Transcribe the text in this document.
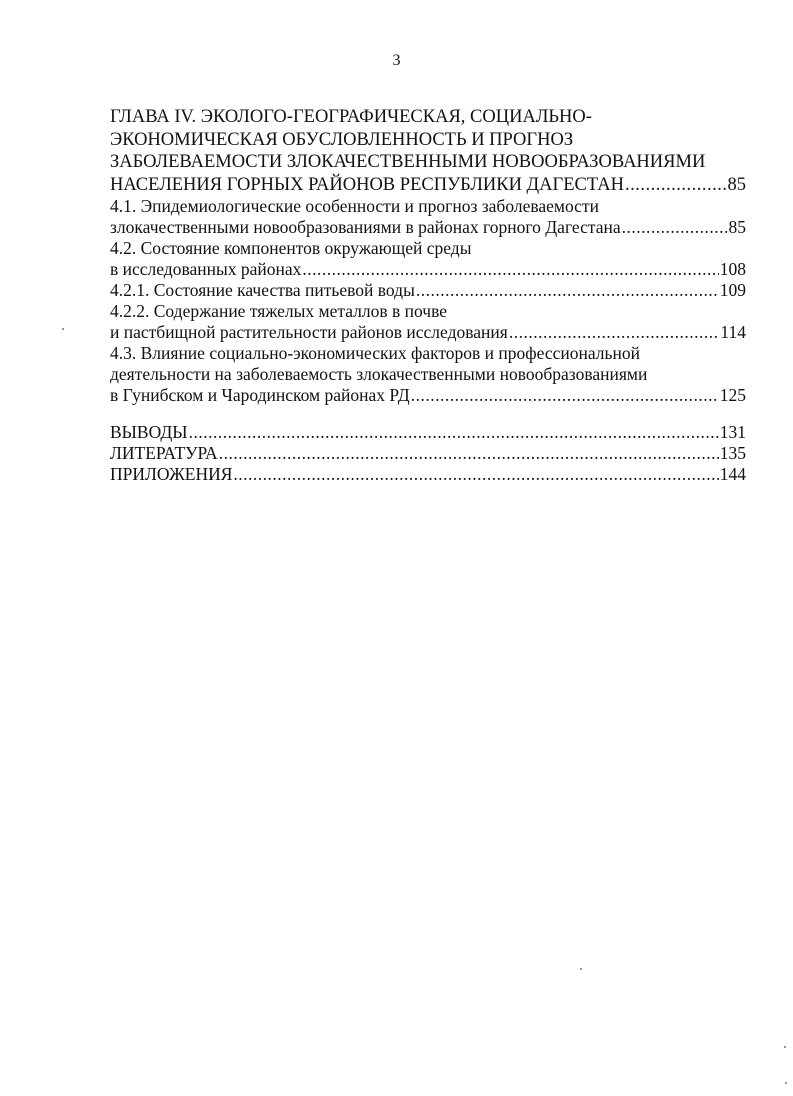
3
ГЛАВА IV. ЭКОЛОГО-ГЕОГРАФИЧЕСКАЯ, СОЦИАЛЬНО-
ЭКОНОМИЧЕСКАЯ ОБУСЛОВЛЕННОСТЬ И ПРОГНОЗ
ЗАБОЛЕВАЕМОСТИ ЗЛОКАЧЕСТВЕННЫМИ НОВООБРАЗОВАНИЯМИ
НАСЕЛЕНИЯ ГОРНЫХ РАЙОНОВ РЕСПУБЛИКИ ДАГЕСТАН .....	85
4.1. Эпидемиологические особенности и прогноз заболеваемости
злокачественными новообразованиями в районах горного Дагестана .....	85
4.2. Состояние компонентов окружающей среды
в исследованных районах .....	108
4.2.1. Состояние качества питьевой воды .....	109
4.2.2. Содержание тяжелых металлов в почве
и пастбищной растительности районов исследования .....	114
4.3. Влияние социально-экономических факторов и профессиональной
деятельности на заболеваемость злокачественными новообразованиями
в Гунибском и Чародинском районах РД .....	125
ВЫВОДЫ .....	131
ЛИТЕРАТУРА .....	135
ПРИЛОЖЕНИЯ .....	144
